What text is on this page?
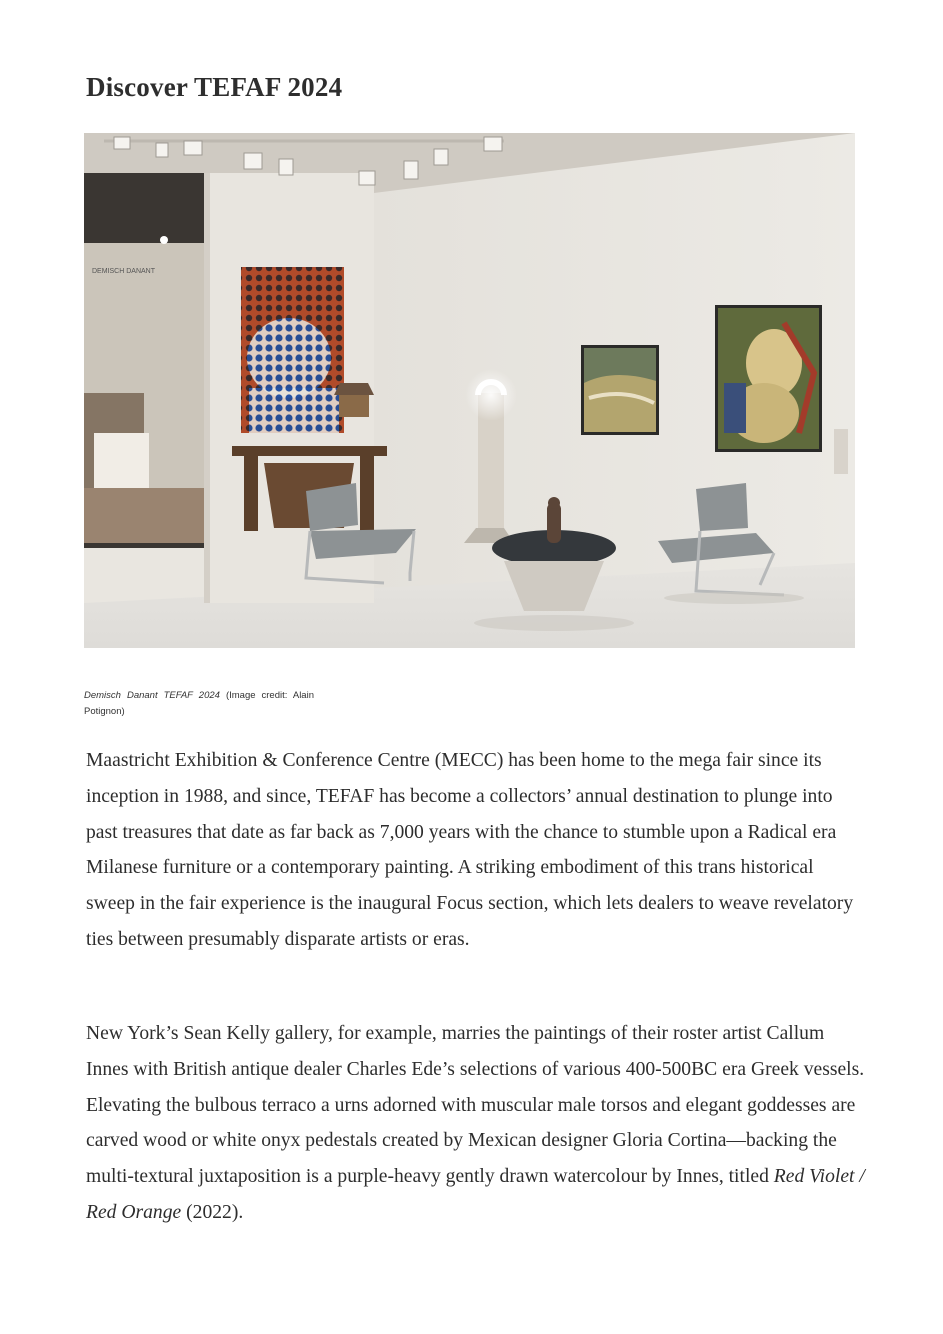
Discover TEFAF 2024
DEMISCH DANANT
Demisch Danant TEFAF 2024 (Image credit: Alain Potignon)

Maastricht Exhibition & Conference Centre (MECC) has been home to the mega fair since its inception in 1988, and since, TEFAF has become a collectors’ annual destination to plunge into past treasures that date as far back as 7,000 years with the chance to stumble upon a Radical era Milanese furniture or a contemporary painting. A striking embodiment of this trans historical sweep in the fair experience is the inaugural Focus section, which lets dealers to weave revelatory ties between presumably disparate artists or eras.

New York’s Sean Kelly gallery, for example, marries the paintings of their roster artist Callum Innes with British antique dealer Charles Ede’s selections of various 400-500BC era Greek vessels. Elevating the bulbous terraco a urns adorned with muscular male torsos and elegant goddesses are carved wood or white onyx pedestals created by Mexican designer Gloria Cortina—backing the multi-textural juxtaposition is a purple-heavy gently drawn watercolour by Innes, titled Red Violet / Red Orange (2022).
